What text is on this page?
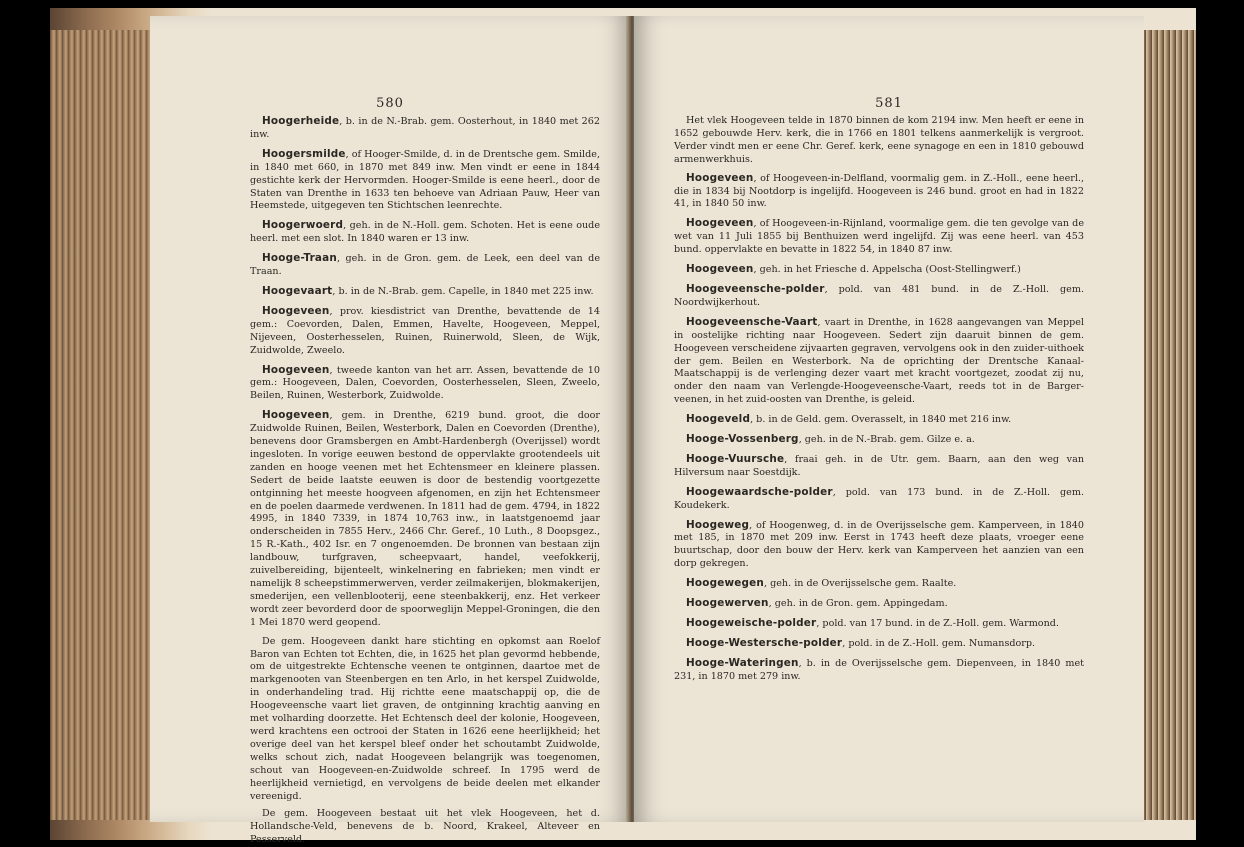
580

Hoogerheide, b. in de N.-Brab. gem. Oosterhout, in 1840 met 262 inw.

Hoogersmilde, of Hooger-Smilde, d. in de Drentsche gem. Smilde, in 1840 met 660, in 1870 met 849 inw. Men vindt er eene in 1844 gestichte kerk der Hervormden. Hooger-Smilde is eene heerl., door de Staten van Drenthe in 1633 ten behoeve van Adriaan Pauw, Heer van Heemstede, uitgegeven ten Stichtschen leenrechte.

Hoogerwoerd, geh. in de N.-Holl. gem. Schoten. Het is eene oude heerl. met een slot. In 1840 waren er 13 inw.

Hooge-Traan, geh. in de Gron. gem. de Leek, een deel van de Traan.

Hoogevaart, b. in de N.-Brab. gem. Capelle, in 1840 met 225 inw.

Hoogeveen, prov. kiesdistrict van Drenthe, bevattende de 14 gem.: Coevorden, Dalen, Emmen, Havelte, Hoogeveen, Meppel, Nijeveen, Oosterhesselen, Ruinen, Ruinerwold, Sleen, de Wijk, Zuidwolde, Zweelo.

Hoogeveen, tweede kanton van het arr. Assen, bevattende de 10 gem.: Hoogeveen, Dalen, Coevorden, Oosterhesselen, Sleen, Zweelo, Beilen, Ruinen, Westerbork, Zuidwolde.

Hoogeveen, gem. in Drenthe, 6219 bund. groot, die door Zuidwolde Ruinen, Beilen, Westerbork, Dalen en Coevorden (Drenthe), benevens door Gramsbergen en Ambt-Hardenbergh (Overijssel) wordt ingesloten. In vorige eeuwen bestond de oppervlakte grootendeels uit zanden en hooge veenen met het Echtensmeer en kleinere plassen. Sedert de beide laatste eeuwen is door de bestendig voortgezette ontginning het meeste hoogveen afgenomen, en zijn het Echtensmeer en de poelen daarmede verdwenen. In 1811 had de gem. 4794, in 1822 4995, in 1840 7339, in 1874 10,763 inw., in laatstgenoemd jaar onderscheiden in 7855 Herv., 2466 Chr. Geref., 10 Luth., 8 Doopsgez., 15 R.-Kath., 402 Isr. en 7 ongenoemden. De bronnen van bestaan zijn landbouw, turfgraven, scheepvaart, handel, veefokkerij, zuivelbereiding, bijenteelt, winkelnering en fabrieken; men vindt er namelijk 8 scheepstimmerwerven, verder zeilmakerijen, blokmakerijen, smederijen, een vellenblooterij, eene steenbakkerij, enz. Het verkeer wordt zeer bevorderd door de spoorweglijn Meppel-Groningen, die den 1 Mei 1870 werd geopend.

De gem. Hoogeveen dankt hare stichting en opkomst aan Roelof Baron van Echten tot Echten, die, in 1625 het plan gevormd hebbende, om de uitgestrekte Echtensche veenen te ontginnen, daartoe met de markgenooten van Steenbergen en ten Arlo, in het kerspel Zuidwolde, in onderhandeling trad. Hij richtte eene maatschappij op, die de Hoogeveensche vaart liet graven, de ontginning krachtig aanving en met volharding doorzette. Het Echtensch deel der kolonie, Hoogeveen, werd krachtens een octrooi der Staten in 1626 eene heerlijkheid; het overige deel van het kerspel bleef onder het schoutambt Zuidwolde, welks schout zich, nadat Hoogeveen belangrijk was toegenomen, schout van Hoogeveen-en-Zuidwolde schreef. In 1795 werd de heerlijkheid vernietigd, en vervolgens de beide deelen met elkander vereenigd.

De gem. Hoogeveen bestaat uit het vlek Hoogeveen, het d. Hollandsche-Veld, benevens de b. Noord, Krakeel, Alteveer en Pesserveld.

581

Het vlek Hoogeveen telde in 1870 binnen de kom 2194 inw. Men heeft er eene in 1652 gebouwde Herv. kerk, die in 1766 en 1801 telkens aanmerkelijk is vergroot. Verder vindt men er eene Chr. Geref. kerk, eene synagoge en een in 1810 gebouwd armenwerkhuis.

Hoogeveen, of Hoogeveen-in-Delfland, voormalig gem. in Z.-Holl., eene heerl., die in 1834 bij Nootdorp is ingelijfd. Hoogeveen is 246 bund. groot en had in 1822 41, in 1840 50 inw.

Hoogeveen, of Hoogeveen-in-Rijnland, voormalige gem. die ten gevolge van de wet van 11 Juli 1855 bij Benthuizen werd ingelijfd. Zij was eene heerl. van 453 bund. oppervlakte en bevatte in 1822 54, in 1840 87 inw.

Hoogeveen, geh. in het Friesche d. Appelscha (Oost-Stellingwerf.)

Hoogeveensche-polder, pold. van 481 bund. in de Z.-Holl. gem. Noordwijkerhout.

Hoogeveensche-Vaart, vaart in Drenthe, in 1628 aangevangen van Meppel in oostelijke richting naar Hoogeveen. Sedert zijn daaruit binnen de gem. Hoogeveen verscheidene zijvaarten gegraven, vervolgens ook in den zuider-uithoek der gem. Beilen en Westerbork. Na de oprichting der Drentsche Kanaal-Maatschappij is de verlenging dezer vaart met kracht voortgezet, zoodat zij nu, onder den naam van Verlengde-Hoogeveensche-Vaart, reeds tot in de Barger-veenen, in het zuid-oosten van Drenthe, is geleid.

Hoogeveld, b. in de Geld. gem. Overasselt, in 1840 met 216 inw.

Hooge-Vossenberg, geh. in de N.-Brab. gem. Gilze e. a.

Hooge-Vuursche, fraai geh. in de Utr. gem. Baarn, aan den weg van Hilversum naar Soestdijk.

Hoogewaardsche-polder, pold. van 173 bund. in de Z.-Holl. gem. Koudekerk.

Hoogeweg, of Hoogenweg, d. in de Overijsselsche gem. Kamperveen, in 1840 met 185, in 1870 met 209 inw. Eerst in 1743 heeft deze plaats, vroeger eene buurtschap, door den bouw der Herv. kerk van Kamperveen het aanzien van een dorp gekregen.

Hoogewegen, geh. in de Overijsselsche gem. Raalte.

Hoogewerven, geh. in de Gron. gem. Appingedam.

Hoogeweische-polder, pold. van 17 bund. in de Z.-Holl. gem. Warmond.

Hooge-Westersche-polder, pold. in de Z.-Holl. gem. Numansdorp.

Hooge-Wateringen, b. in de Overijsselsche gem. Diepenveen, in 1840 met 231, in 1870 met 279 inw.
